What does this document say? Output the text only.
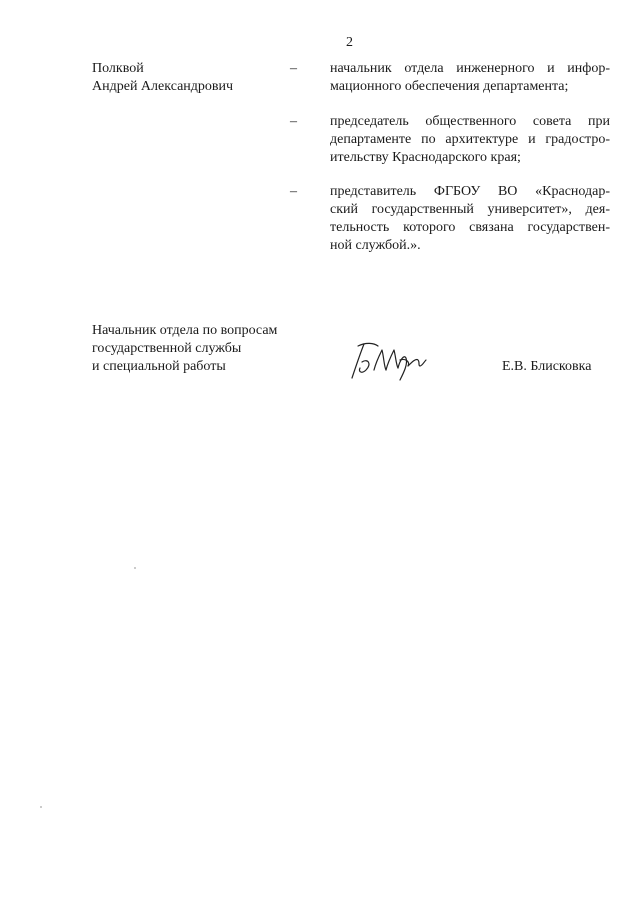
2
Полквой
Андрей Александрович
– начальник отдела инженерного и инфор-
мационного обеспечения департамента;
– председатель общественного совета при
департаменте по архитектуре и градостро-
ительству Краснодарского края;
– представитель ФГБОУ ВО «Краснодар-
ский государственный университет», дея-
тельность которого связана государствен-
ной службой.».
Начальник отдела по вопросам
государственной службы
и специальной работы	Е.В. Блисковка
